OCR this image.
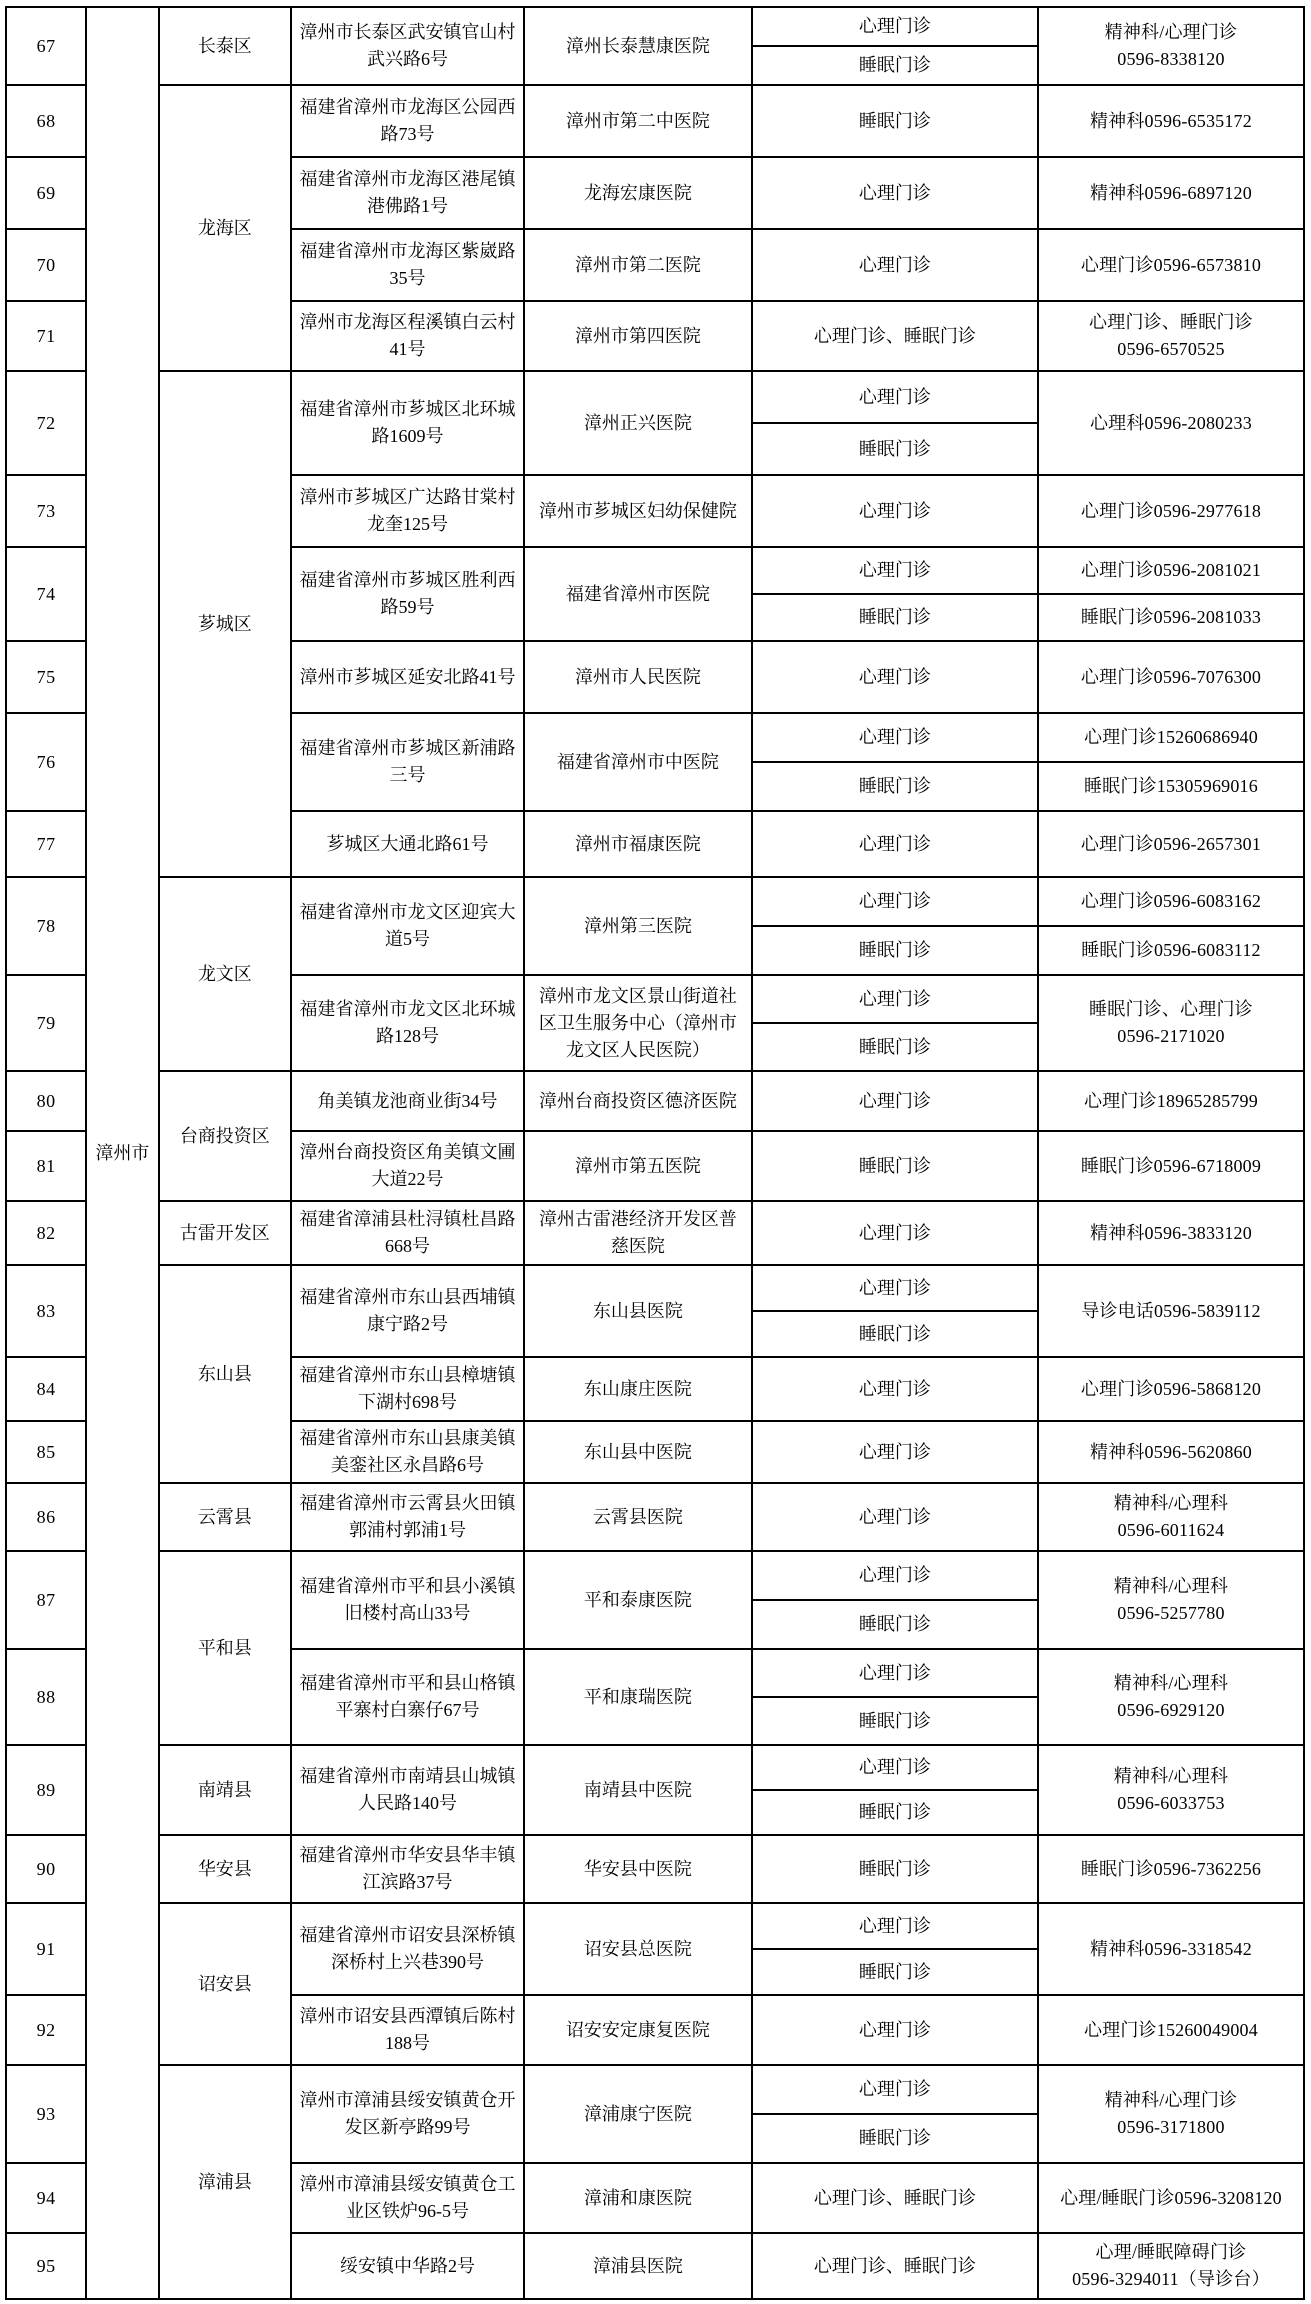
67	漳州市	长泰区	漳州市长泰区武安镇官山村武兴路6号	漳州长泰慧康医院	心理门诊	精神科/心理门诊
0596-8338120
					睡眠门诊	
68		龙海区	福建省漳州市龙海区公园西路73号	漳州市第二中医院	睡眠门诊	精神科0596-6535172
69			福建省漳州市龙海区港尾镇港佛路1号	龙海宏康医院	心理门诊	精神科0596-6897120
70			福建省漳州市龙海区紫崴路35号	漳州市第二医院	心理门诊	心理门诊0596-6573810
71			漳州市龙海区程溪镇白云村41号	漳州市第四医院	心理门诊、睡眠门诊	心理门诊、睡眠门诊
0596-6570525
72		芗城区	福建省漳州市芗城区北环城路1609号	漳州正兴医院	心理门诊	心理科0596-2080233
					睡眠门诊	
73			漳州市芗城区广达路甘棠村龙奎125号	漳州市芗城区妇幼保健院	心理门诊	心理门诊0596-2977618
74			福建省漳州市芗城区胜利西路59号	福建省漳州市医院	心理门诊	心理门诊0596-2081021
					睡眠门诊	睡眠门诊0596-2081033
75			漳州市芗城区延安北路41号	漳州市人民医院	心理门诊	心理门诊0596-7076300
76			福建省漳州市芗城区新浦路三号	福建省漳州市中医院	心理门诊	心理门诊15260686940
					睡眠门诊	睡眠门诊15305969016
77			芗城区大通北路61号	漳州市福康医院	心理门诊	心理门诊0596-2657301
78		龙文区	福建省漳州市龙文区迎宾大道5号	漳州第三医院	心理门诊	心理门诊0596-6083162
					睡眠门诊	睡眠门诊0596-6083112
79			福建省漳州市龙文区北环城路128号	漳州市龙文区景山街道社区卫生服务中心（漳州市龙文区人民医院）	心理门诊	睡眠门诊、心理门诊
0596-2171020
					睡眠门诊	
80		台商投资区	角美镇龙池商业街34号	漳州台商投资区德济医院	心理门诊	心理门诊18965285799
81			漳州台商投资区角美镇文圃大道22号	漳州市第五医院	睡眠门诊	睡眠门诊0596-6718009
82		古雷开发区	福建省漳浦县杜浔镇杜昌路668号	漳州古雷港经济开发区普慈医院	心理门诊	精神科0596-3833120
83		东山县	福建省漳州市东山县西埔镇康宁路2号	东山县医院	心理门诊	导诊电话0596-5839112
					睡眠门诊	
84			福建省漳州市东山县樟塘镇下湖村698号	东山康庄医院	心理门诊	心理门诊0596-5868120
85			福建省漳州市东山县康美镇美銮社区永昌路6号	东山县中医院	心理门诊	精神科0596-5620860
86		云霄县	福建省漳州市云霄县火田镇郭浦村郭浦1号	云霄县医院	心理门诊	精神科/心理科
0596-6011624
87		平和县	福建省漳州市平和县小溪镇旧楼村高山33号	平和泰康医院	心理门诊	精神科/心理科
0596-5257780
					睡眠门诊	
88			福建省漳州市平和县山格镇平寨村白寨仔67号	平和康瑞医院	心理门诊	精神科/心理科
0596-6929120
					睡眠门诊	
89		南靖县	福建省漳州市南靖县山城镇人民路140号	南靖县中医院	心理门诊	精神科/心理科
0596-6033753
					睡眠门诊	
90		华安县	福建省漳州市华安县华丰镇江滨路37号	华安县中医院	睡眠门诊	睡眠门诊0596-7362256
91		诏安县	福建省漳州市诏安县深桥镇深桥村上兴巷390号	诏安县总医院	心理门诊	精神科0596-3318542
					睡眠门诊	
92			漳州市诏安县西潭镇后陈村188号	诏安安定康复医院	心理门诊	心理门诊15260049004
93		漳浦县	漳州市漳浦县绥安镇黄仓开发区新亭路99号	漳浦康宁医院	心理门诊	精神科/心理门诊
0596-3171800
					睡眠门诊	
94			漳州市漳浦县绥安镇黄仓工业区铁炉96-5号	漳浦和康医院	心理门诊、睡眠门诊	心理/睡眠门诊0596-3208120
95			绥安镇中华路2号	漳浦县医院	心理门诊、睡眠门诊	心理/睡眠障碍门诊
0596-3294011（导诊台）
